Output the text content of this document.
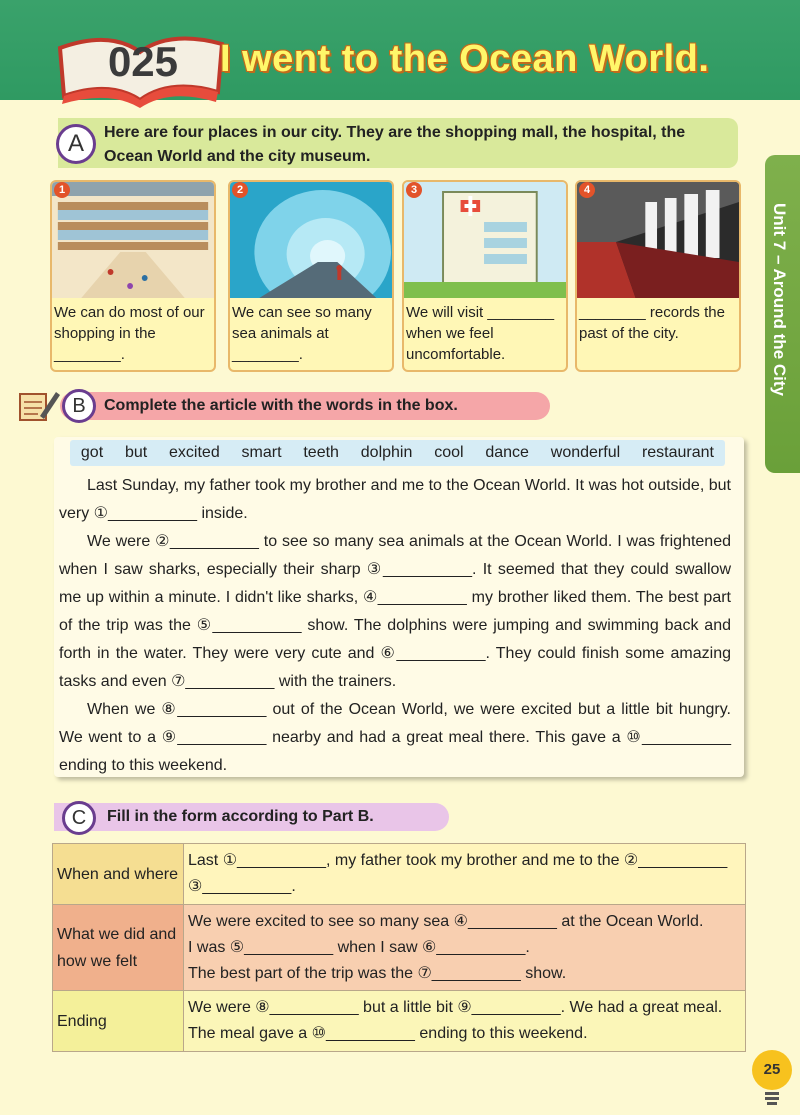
025	I went to the Ocean World.
Unit 7 – Around the City
A	Here are four places in our city. They are the shopping mall, the hospital, the Ocean World and the city museum.
1
We can do most of our shopping in the ________.
2
We can see so many sea animals at ________.
3
We will visit ________ when we feel uncomfortable.
4
________ records the past of the city.
B	Complete the article with the words in the box.
got but excited smart teeth dolphin cool dance wonderful restaurant

Last Sunday, my father took my brother and me to the Ocean World. It was hot outside, but very ①__________ inside.

We were ②__________ to see so many sea animals at the Ocean World. I was frightened when I saw sharks, especially their sharp ③__________. It seemed that they could swallow me up within a minute. I didn't like sharks, ④__________ my brother liked them. The best part of the trip was the ⑤__________ show. The dolphins were jumping and swimming back and forth in the water. They were very cute and ⑥__________. They could finish some amazing tasks and even ⑦__________ with the trainers.

When we ⑧__________ out of the Ocean World, we were excited but a little bit hungry. We went to a ⑨__________ nearby and had a great meal there. This gave a ⑩__________ ending to this weekend.

C	Fill in the form according to Part B.
When and where	Last ①__________, my father took my brother and me to the ②__________
③__________.

What we did and how we felt	We were excited to see so many sea ④__________ at the Ocean World.
I was ⑤__________ when I saw ⑥__________.
The best part of the trip was the ⑦__________ show.

Ending	We were ⑧__________ but a little bit ⑨__________. We had a great meal.
The meal gave a ⑩__________ ending to this weekend.
25
